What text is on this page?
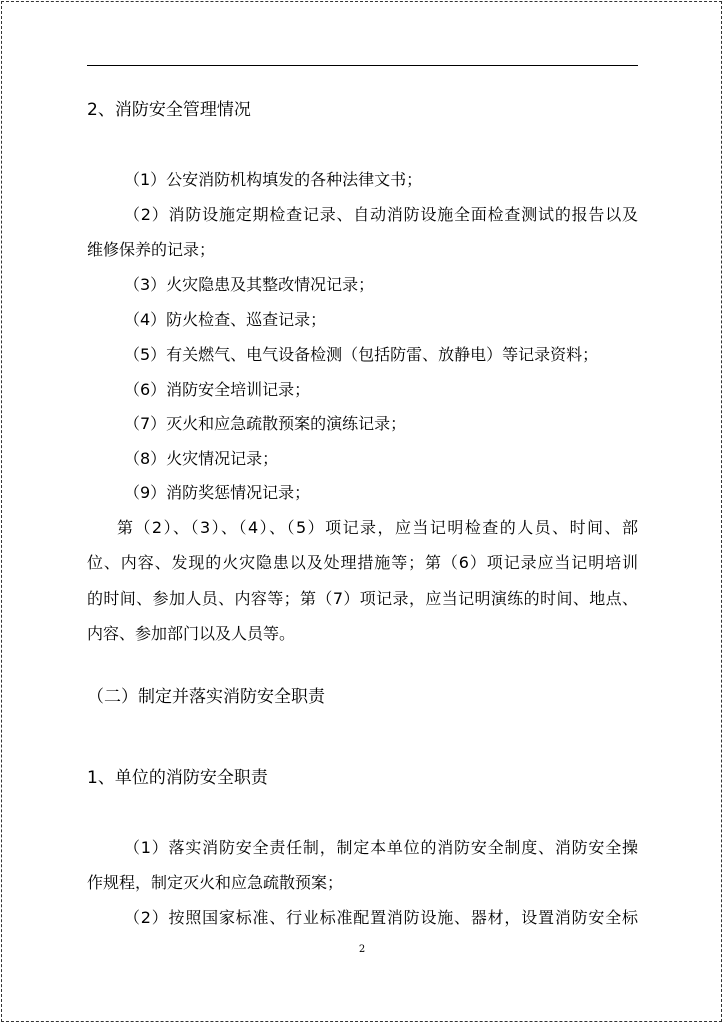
2、消防安全管理情况
（1）公安消防机构填发的各种法律文书；
（2）消防设施定期检查记录、自动消防设施全面检查测试的报告以及
维修保养的记录；
（3）火灾隐患及其整改情况记录；
（4）防火检查、巡查记录；
（5）有关燃气、电气设备检测（包括防雷、放静电）等记录资料；
（6）消防安全培训记录；
（7）灭火和应急疏散预案的演练记录；
（8）火灾情况记录；
（9）消防奖惩情况记录；
第（2）、（3）、（4）、（5）项记录，应当记明检查的人员、时间、部
位、内容、发现的火灾隐患以及处理措施等；第（6）项记录应当记明培训
的时间、参加人员、内容等；第（7）项记录，应当记明演练的时间、地点、
内容、参加部门以及人员等。
（二）制定并落实消防安全职责
1、单位的消防安全职责
（1）落实消防安全责任制，制定本单位的消防安全制度、消防安全操
作规程，制定灭火和应急疏散预案；
（2）按照国家标准、行业标准配置消防设施、器材，设置消防安全标
2
